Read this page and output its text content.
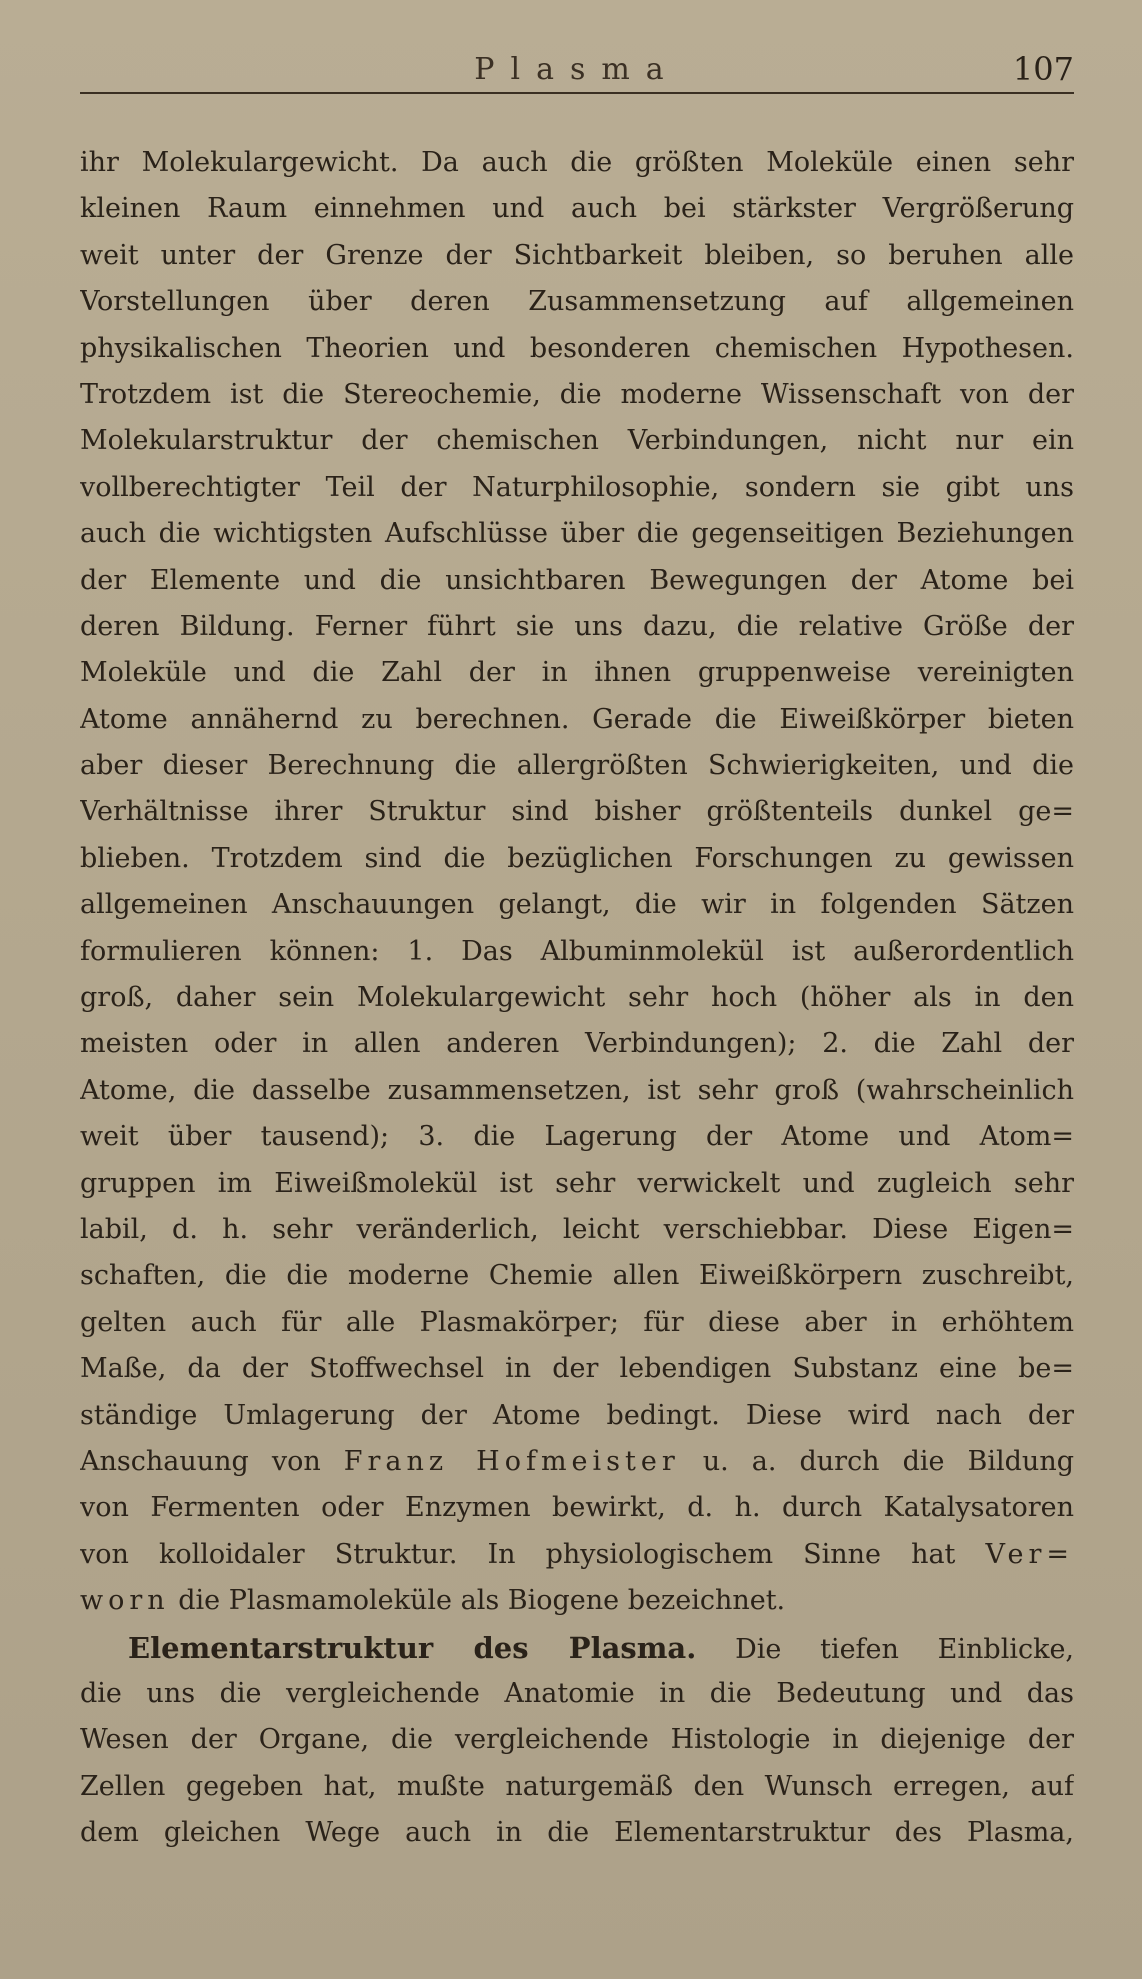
Plasma	107
ihr Molekulargewicht. Da auch die größten Moleküle einen sehr
kleinen Raum einnehmen und auch bei stärkster Vergrößerung
weit unter der Grenze der Sichtbarkeit bleiben, so beruhen alle
Vorstellungen über deren Zusammensetzung auf allgemeinen
physikalischen Theorien und besonderen chemischen Hypothesen.
Trotzdem ist die Stereochemie, die moderne Wissenschaft von der
Molekularstruktur der chemischen Verbindungen, nicht nur ein
vollberechtigter Teil der Naturphilosophie, sondern sie gibt uns
auch die wichtigsten Aufschlüsse über die gegenseitigen Beziehungen
der Elemente und die unsichtbaren Bewegungen der Atome bei
deren Bildung. Ferner führt sie uns dazu, die relative Größe der
Moleküle und die Zahl der in ihnen gruppenweise vereinigten
Atome annähernd zu berechnen. Gerade die Eiweißkörper bieten
aber dieser Berechnung die allergrößten Schwierigkeiten, und die
Verhältnisse ihrer Struktur sind bisher größtenteils dunkel ge=
blieben. Trotzdem sind die bezüglichen Forschungen zu gewissen
allgemeinen Anschauungen gelangt, die wir in folgenden Sätzen
formulieren können: 1. Das Albuminmolekül ist außerordentlich
groß, daher sein Molekulargewicht sehr hoch (höher als in den
meisten oder in allen anderen Verbindungen); 2. die Zahl der
Atome, die dasselbe zusammensetzen, ist sehr groß (wahrscheinlich
weit über tausend); 3. die Lagerung der Atome und Atom=
gruppen im Eiweißmolekül ist sehr verwickelt und zugleich sehr
labil, d. h. sehr veränderlich, leicht verschiebbar. Diese Eigen=
schaften, die die moderne Chemie allen Eiweißkörpern zuschreibt,
gelten auch für alle Plasmakörper; für diese aber in erhöhtem
Maße, da der Stoffwechsel in der lebendigen Substanz eine be=
ständige Umlagerung der Atome bedingt. Diese wird nach der
Anschauung von Franz Hofmeister u. a. durch die Bildung
von Fermenten oder Enzymen bewirkt, d. h. durch Katalysatoren
von kolloidaler Struktur. In physiologischem Sinne hat Ver=
worn die Plasmamoleküle als Biogene bezeichnet.
Elementarstruktur des Plasma. Die tiefen Einblicke,
die uns die vergleichende Anatomie in die Bedeutung und das
Wesen der Organe, die vergleichende Histologie in diejenige der
Zellen gegeben hat, mußte naturgemäß den Wunsch erregen, auf
dem gleichen Wege auch in die Elementarstruktur des Plasma,
